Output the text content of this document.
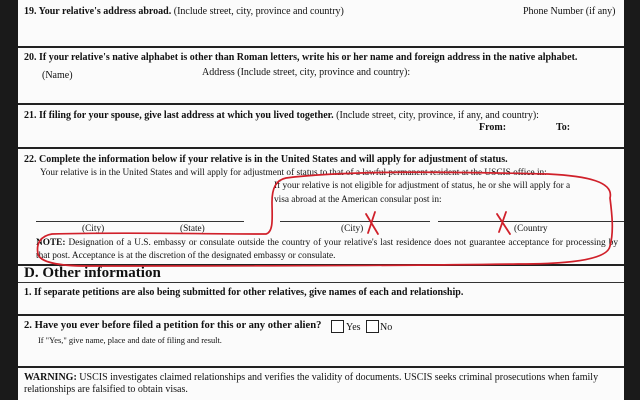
19. Your relative's address abroad. (Include street, city, province and country)	Phone Number (if any)
20. If your relative's native alphabet is other than Roman letters, write his or her name and foreign address in the native alphabet.
(Name)	Address (Include street, city, province and country):
21. If filing for your spouse, give last address at which you lived together. (Include street, city, province, if any, and country):
From:	To:
22. Complete the information below if your relative is in the United States and will apply for adjustment of status.
Your relative is in the United States and will apply for adjustment of status to that of a lawful permanent resident at the USCIS office in:
If your relative is not eligible for adjustment of status, he or she will apply for a
visa abroad at the American consular post in:
(City)	(State)	(City)	(Country
NOTE: Designation of a U.S. embassy or consulate outside the country of your relative's last residence does not guarantee acceptance for processing by that post. Acceptance is at the discretion of the designated embassy or consulate.
D. Other information
1. If separate petitions are also being submitted for other relatives, give names of each and relationship.
2. Have you ever before filed a petition for this or any other alien? Yes No
If "Yes," give name, place and date of filing and result.
WARNING: USCIS investigates claimed relationships and verifies the validity of documents. USCIS seeks criminal prosecutions when family relationships are falsified to obtain visas.
